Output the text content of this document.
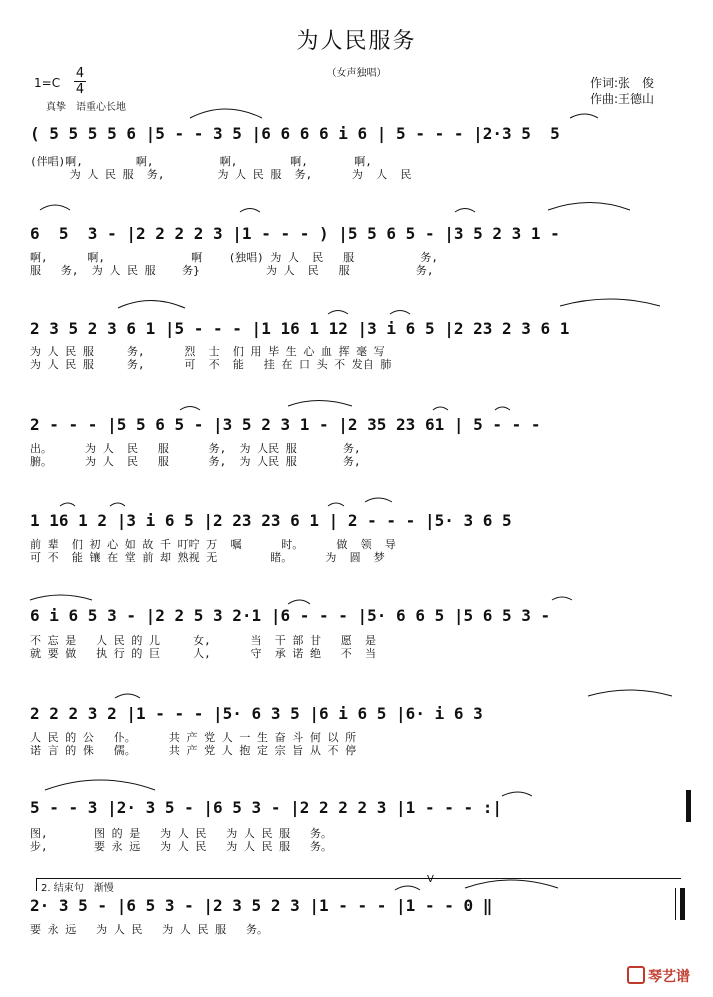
为人民服务
（女声独唱）
作词:张　俊
作曲:王德山
1=C
4
4
真挚　语重心长地
( 5 5 5 5 6 |5 - - 3 5 |6 6 6 6 i 6 | 5 - - - |2·3 5  5
(伴唱)啊,        啊,          啊,        啊,       啊,
为 人 民 服  务,        为 人 民 服  务,      为  人  民
6  5  3 - |2 2 2 2 3 |1 - - - ) |5 5 6 5 - |3 5 2 3 1 -
啊,      啊,             啊    (独唱) 为 人  民   服          务,
服   务,  为 人 民 服    务}          为 人  民   服          务,
2 3 5 2 3 6 1 |5 - - - |1 16 1 12 |3 i 6 5 |2 23 2 3 6 1
为 人 民 服     务,      烈  士  们 用 毕 生 心 血 挥 毫 写
为 人 民 服     务,      可  不  能   挂 在 口 头 不 发自 肺
2 - - - |5 5 6 5 - |3 5 2 3 1 - |2 35 23 61 | 5 - - -
出。     为 人  民   服      务,  为 人民 服       务,
腑。     为 人  民   服      务,  为 人民 服       务,
1 16 1 2 |3 i 6 5 |2 23 23 6 1 | 2 - - - |5· 3 6 5
前 辈  们 初 心 如 故 千 叮咛 万  嘱      时。     做  领  导
可 不  能 镶 在 堂 前 却 熟视 无        睹。     为  圆  梦
6 i 6 5 3 - |2 2 5 3 2·1 |6 - - - |5· 6 6 5 |5 6 5 3 -
不 忘 是   人 民 的 儿     女,      当  干 部 甘   愿  是
就 要 做   执 行 的 巨     人,      守  承 诺 绝   不  当
2 2 2 3 2 |1 - - - |5· 6 3 5 |6 i 6 5 |6· i 6 3
人 民 的 公   仆。     共 产 党 人 一 生 奋 斗 何 以 所
诺 言 的 侏   儒。     共 产 党 人 抱 定 宗 旨 从 不 停
5 - - 3 |2· 3 5 - |6 5 3 - |2 2 2 2 3 |1 - - - :|
图,       图 的 是   为 人 民   为 人 民 服   务。
步,       要 永 远   为 人 民   为 人 民 服   务。
2. 结束句　渐慢
V
2· 3 5 - |6 5 3 - |2 3 5 2 3 |1 - - - |1 - - 0 ‖
要 永 远   为 人 民   为 人 民 服   务。
琴艺谱
